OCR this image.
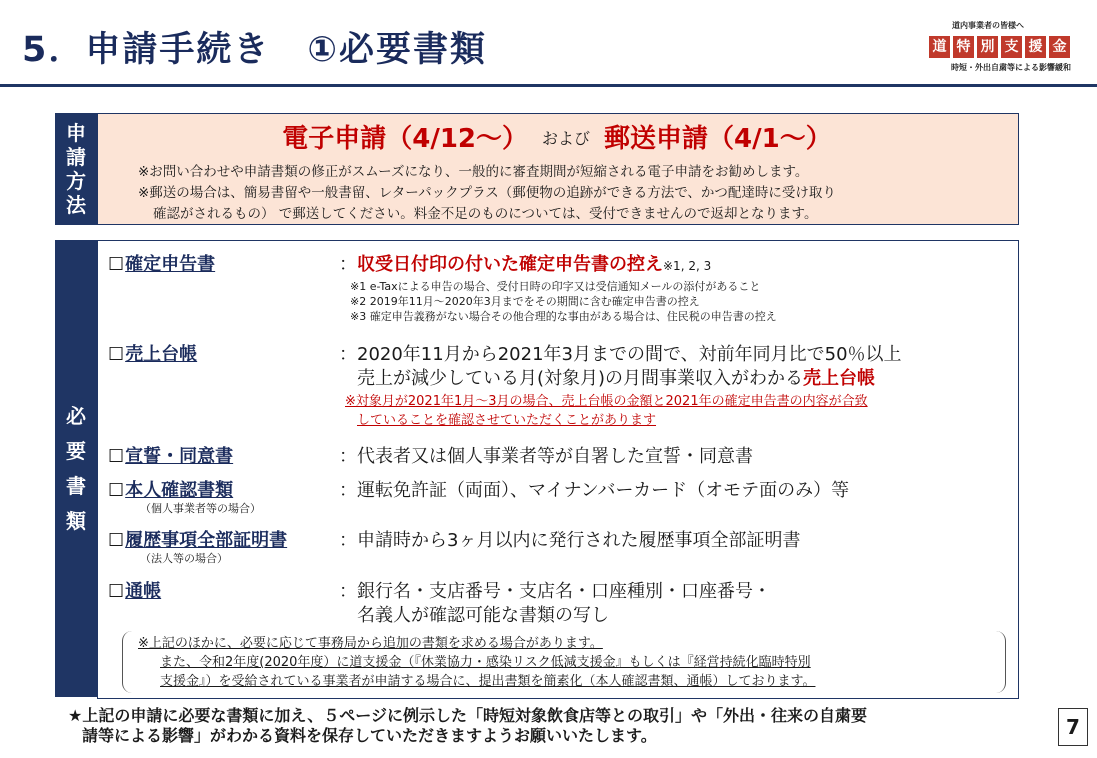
5．申請手続き　①必要書類
道内事業者の皆様へ
道 特 別 支 援 金
時短・外出自粛等による影響緩和
申
請
方
法
電子申請（4/12～） および 郵送申請（4/1～）
※お問い合わせや申請書類の修正がスムーズになり、一般的に審査期間が短縮される電子申請をお勧めします。
※郵送の場合は、簡易書留や一般書留、レターパックプラス（郵便物の追跡ができる方法で、かつ配達時に受け取り
確認がされるもの） で郵送してください。料金不足のものについては、受付できませんので返却となります。
必
要
書
類
☐確定申告書	：収受日付印の付いた確定申告書の控え※1, 2, 3
※1 e-Taxによる申告の場合、受付日時の印字又は受信通知メールの添付があること
※2 2019年11月～2020年3月までをその期間に含む確定申告書の控え
※3 確定申告義務がない場合その他合理的な事由がある場合は、住民税の申告書の控え
☐売上台帳	：2020年11月から2021年3月までの間で、対前年同月比で50％以上
売上が減少している月(対象月)の月間事業収入がわかる売上台帳
※対象月が2021年1月～3月の場合、売上台帳の金額と2021年の確定申告書の内容が合致
していることを確認させていただくことがあります
☐宣誓・同意書	：代表者又は個人事業者等が自署した宣誓・同意書
☐本人確認書類
（個人事業者等の場合）
：運転免許証（両面）、マイナンバーカード（オモテ面のみ）等
☐履歴事項全部証明書
（法人等の場合）
：申請時から3ヶ月以内に発行された履歴事項全部証明書
☐通帳	：銀行名・支店番号・支店名・口座種別・口座番号・
名義人が確認可能な書類の写し
※上記のほかに、必要に応じて事務局から追加の書類を求める場合があります。
また、令和2年度(2020年度）に道支援金（『休業協力・感染リスク低減支援金』もしくは『経営持続化臨時特別
支援金』）を受給されている事業者が申請する場合に、提出書類を簡素化（本人確認書類、通帳）しております。
★上記の申請に必要な書類に加え、５ページに例示した「時短対象飲食店等との取引」や「外出・往来の自粛要
請等による影響」がわかる資料を保存していただきますようお願いいたします。	7
